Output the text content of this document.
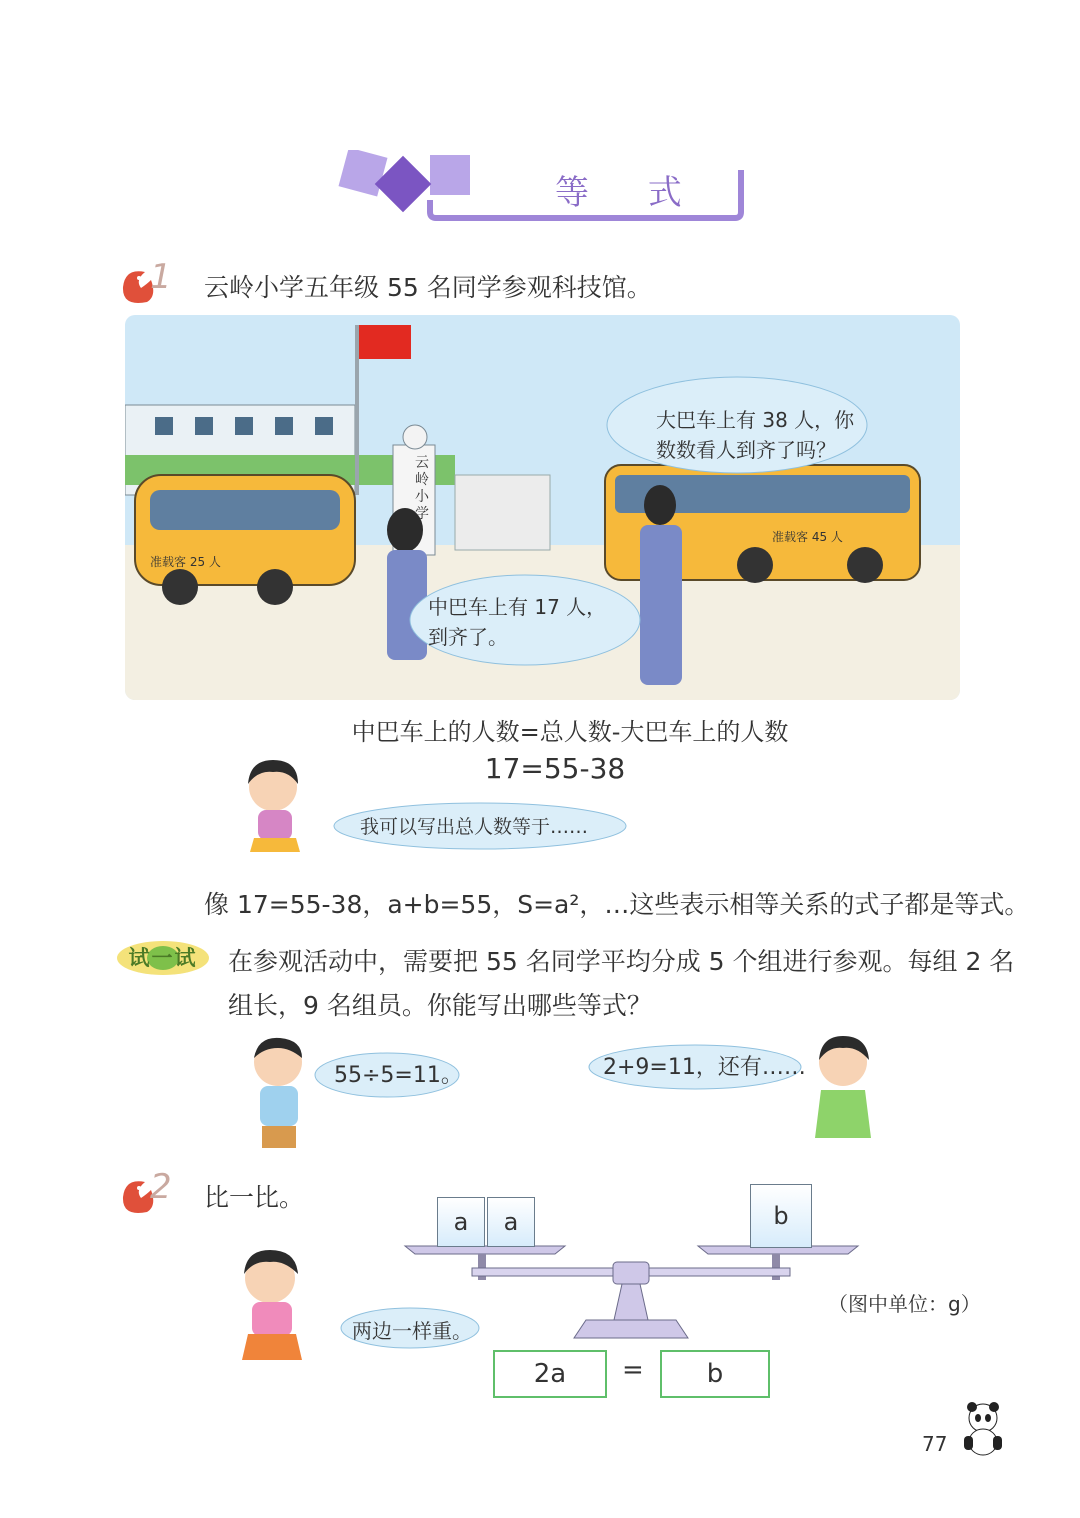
等 式
1 云岭小学五年级 55 名同学参观科技馆。
云岭小学
准载客 25 人
准载客 45 人
大巴车上有 38 人，你
数数看人到齐了吗？
中巴车上有 17 人，
到齐了。
中巴车上的人数=总人数-大巴车上的人数
17=55-38
我可以写出总人数等于……
像 17=55-38，a+b=55，S=a²，…这些表示相等关系的式子都是等式。
试一试	在参观活动中，需要把 55 名同学平均分成 5 个组进行参观。每组 2 名组长，9 名组员。你能写出哪些等式？
55÷5=11。	2+9=11，还有……
2 比一比。
a	a	b
（图中单位：g）
两边一样重。
2a	=	b
77
